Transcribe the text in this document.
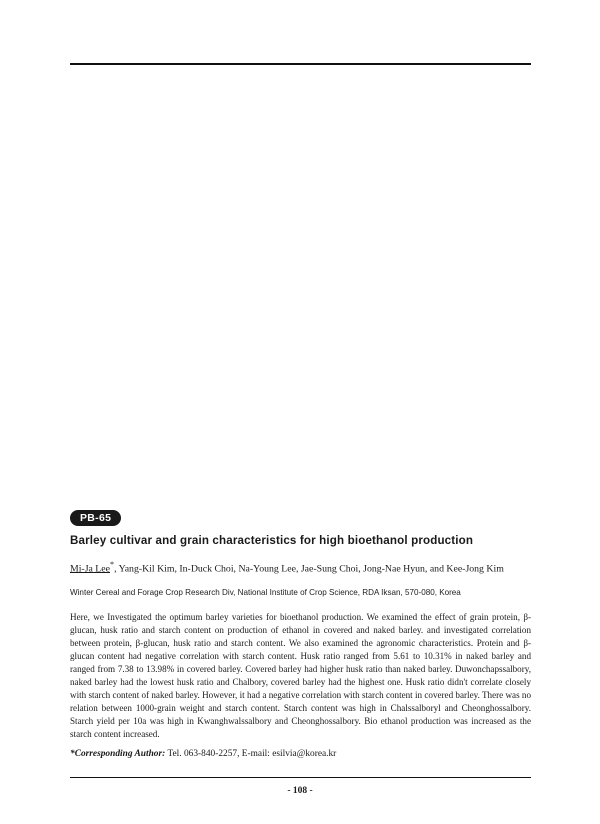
PB-65
Barley cultivar and grain characteristics for high bioethanol production
Mi-Ja Lee*, Yang-Kil Kim, In-Duck Choi, Na-Young Lee, Jae-Sung Choi, Jong-Nae Hyun, and Kee-Jong Kim
Winter Cereal and Forage Crop Research Div, National Institute of Crop Science, RDA Iksan, 570-080, Korea
Here, we Investigated the optimum barley varieties for bioethanol production. We examined the effect of grain protein, β-glucan, husk ratio and starch content on production of ethanol in covered and naked barley. and investigated correlation between protein, β-glucan, husk ratio and starch content. We also examined the agronomic characteristics. Protein and β-glucan content had negative correlation with starch content. Husk ratio ranged from 5.61 to 10.31% in naked barley and ranged from 7.38 to 13.98% in covered barley. Covered barley had higher husk ratio than naked barley. Duwonchapssalbory, naked barley had the lowest husk ratio and Chalbory, covered barley had the highest one. Husk ratio didn't correlate closely with starch content of naked barley. However, it had a negative correlation with starch content in covered barley. There was no relation between 1000-grain weight and starch content. Starch content was high in Chalssalboryl and Cheonghossalbory. Starch yield per 10a was high in Kwanghwalssalbory and Cheonghossalbory. Bio ethanol production was increased as the starch content increased.
*Corresponding Author: Tel. 063-840-2257, E-mail: esilvia@korea.kr
- 108 -
